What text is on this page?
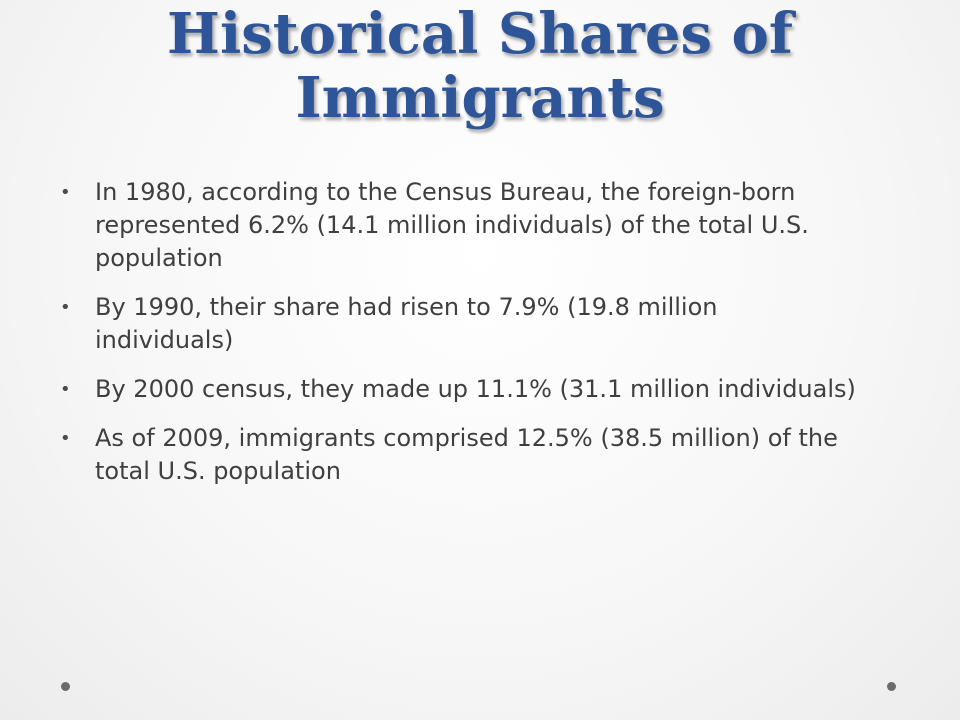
Historical Shares of Immigrants
• In 1980, according to the Census Bureau, the foreign-born represented 6.2% (14.1 million individuals) of the total U.S. population
• By 1990, their share had risen to 7.9% (19.8 million individuals)
• By 2000 census, they made up 11.1% (31.1 million individuals)
• As of 2009, immigrants comprised 12.5% (38.5 million) of the total U.S. population
